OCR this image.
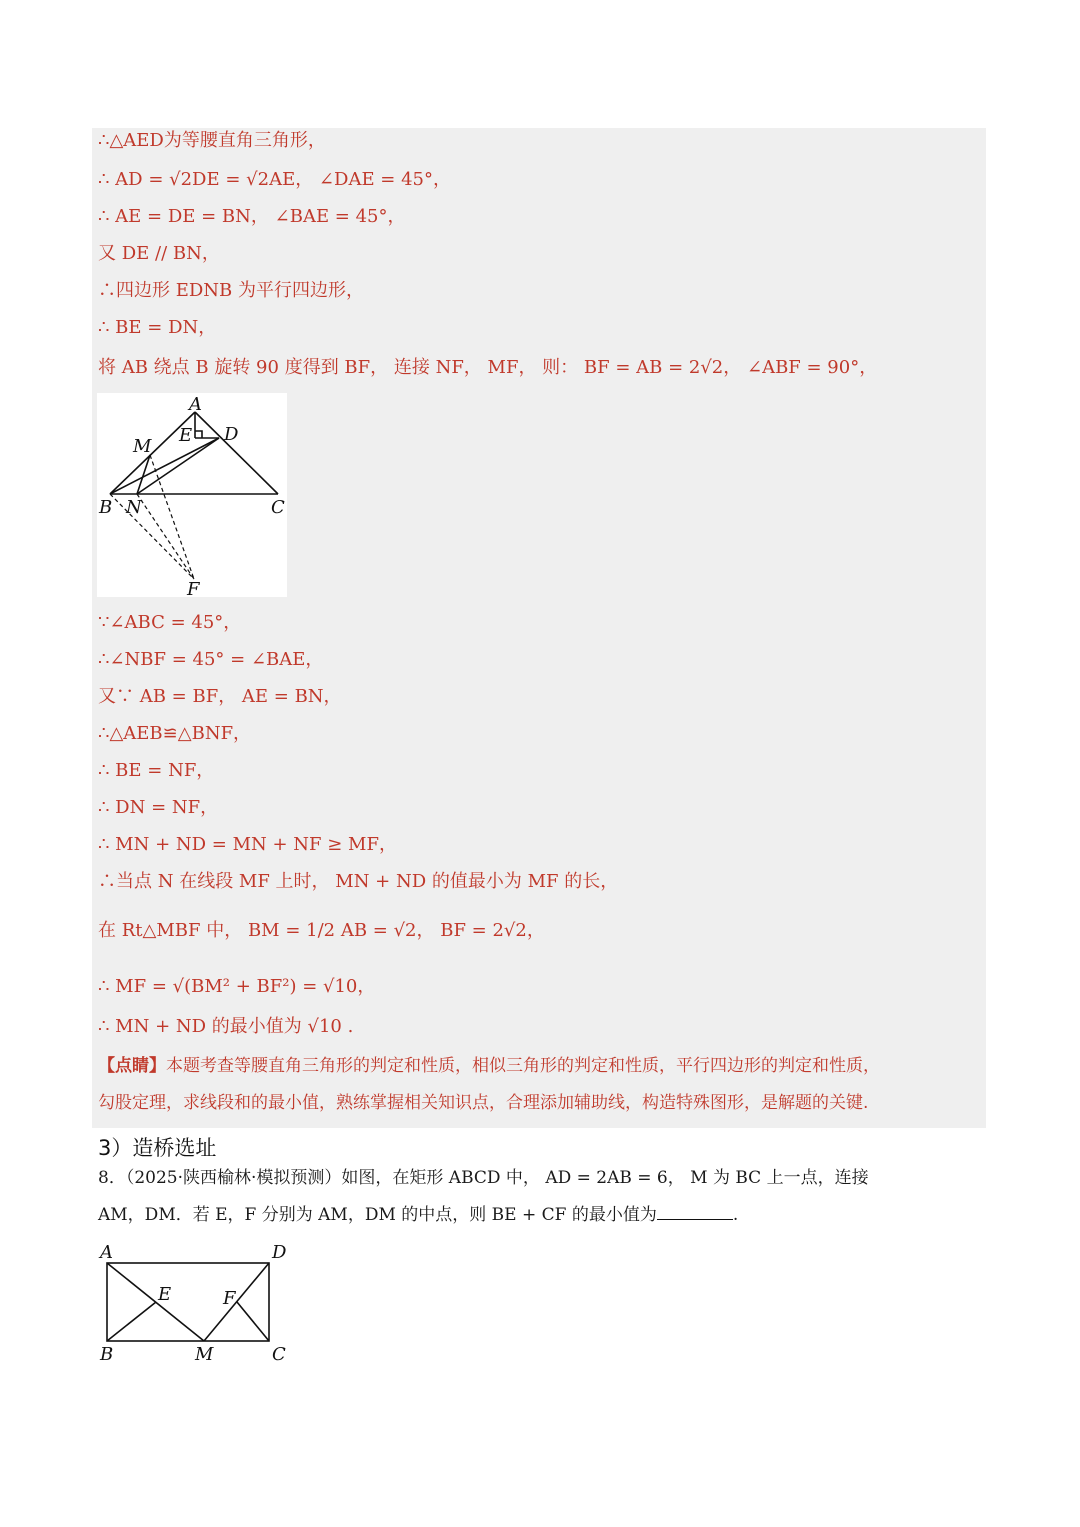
∴△AED为等腰直角三角形，
∴ AD = √2DE = √2AE， ∠DAE = 45°，
∴ AE = DE = BN， ∠BAE = 45°，
又 DE // BN，
∴四边形 EDNB 为平行四边形，
∴ BE = DN，
将 AB 绕点 B 旋转 90 度得到 BF， 连接 NF， MF， 则： BF = AB = 2√2， ∠ABF = 90°，
A
E D
M
B N	C
F
∵∠ABC = 45°，
∴∠NBF = 45° = ∠BAE，
又∵ AB = BF， AE = BN，
∴△AEB≌△BNF，
∴ BE = NF，
∴ DN = NF，
∴ MN + ND = MN + NF ≥ MF，
∴当点 N 在线段 MF 上时， MN + ND 的值最小为 MF 的长，
在 Rt△MBF 中， BM = 1/2 AB = √2， BF = 2√2，
∴ MF = √(BM² + BF²) = √10，
∴ MN + ND 的最小值为 √10 .
【点睛】本题考查等腰直角三角形的判定和性质，相似三角形的判定和性质，平行四边形的判定和性质，
勾股定理，求线段和的最小值，熟练掌握相关知识点，合理添加辅助线，构造特殊图形，是解题的关键.
3）造桥选址
8．（2025·陕西榆林·模拟预测）如图，在矩形 ABCD 中， AD = 2AB = 6， M 为 BC 上一点，连接
AM，DM．若 E，F 分别为 AM，DM 的中点，则 BE + CF 的最小值为	.
A	D
E	F
B	M	C
